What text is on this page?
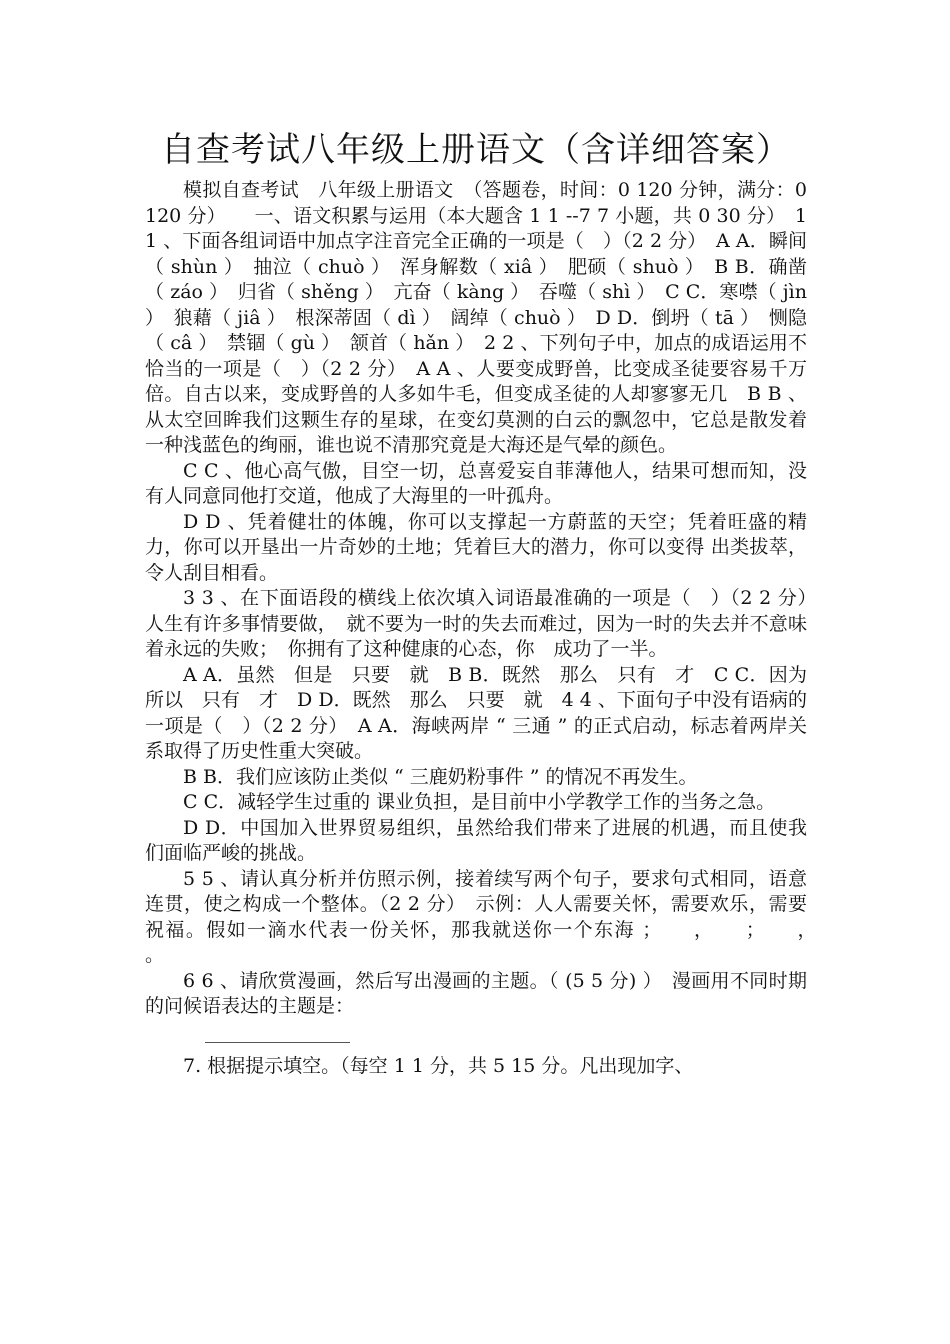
自查考试八年级上册语文（含详细答案）

模拟自查考试　八年级上册语文　（答题卷，时间：0 120 分钟，满分：0 120 分）　　一、语文积累与运用（本大题含 1 1 --7 7 小题，共 0 30 分）　1 1 、下面各组词语中加点字注音完全正确的一项是（　）（2 2 分）　A A．瞬间（ shùn ）　抽泣（ chuò ）　浑身解数（ xiâ ）　肥硕（ shuò ）　B B．确凿（ záo ）　归省（ shěng ）　亢奋（ kàng ）　吞噬（ shì ）　C C．寒噤（ jìn ）　狼藉（ jiâ ）　根深蒂固（ dì ）　阔绰（ chuò ）　D D．倒坍（ tā ）　恻隐（ câ ）　禁锢（ gù ）　颔首（ hǎn ）　2 2 、下列句子中，加点的成语运用不恰当的一项是（　）（2 2 分）　A A 、人要变成野兽，比变成圣徒要容易千万倍。自古以来，变成野兽的人多如牛毛，但变成圣徒的人却寥寥无几　B B 、从太空回眸我们这颗生存的星球，在变幻莫测的白云的飘忽中，它总是散发着一种浅蓝色的绚丽，谁也说不清那究竟是大海还是气晕的颜色。

C C 、他心高气傲，目空一切，总喜爱妄自菲薄他人，结果可想而知，没有人同意同他打交道，他成了大海里的一叶孤舟。

D D 、凭着健壮的体魄，你可以支撑起一方蔚蓝的天空；凭着旺盛的精力，你可以开垦出一片奇妙的土地；凭着巨大的潜力，你可以变得 出类拔萃，令人刮目相看。

3 3 、在下面语段的横线上依次填入词语最准确的一项是（　）（2 2 分）　人生有许多事情要做，　就不要为一时的失去而难过，因为一时的失去并不意味着永远的失败；　你拥有了这种健康的心态，你　成功了一半。

A A．虽然　但是　只要　就　B B．既然　那么　只有　才　C C．因为　所以　只有　才　D D．既然　那么　只要　就　4 4 、下面句子中没有语病的一项是（　）（2 2 分）　A A．海峡两岸 “ 三通 ” 的正式启动，标志着两岸关系取得了历史性重大突破。

B B．我们应该防止类似 “ 三鹿奶粉事件 ” 的情况不再发生。

C C．减轻学生过重的 课业负担，是目前中小学教学工作的当务之急。

D D．中国加入世界贸易组织，虽然给我们带来了进展的机遇，而且使我们面临严峻的挑战。

5 5 、请认真分析并仿照示例，接着续写两个句子，要求句式相同，语意连贯，使之构成一个整体。（2 2 分）　示例：人人需要关怀，需要欢乐，需要祝福。假如一滴水代表一份关怀，那我就送你一个东海 ；　　，　　；　　，　　。

6 6 、请欣赏漫画，然后写出漫画的主题。（ (5 5 分) ）　漫画用不同时期的问候语表达的主题是：

7. 根据提示填空。（每空 1 1 分，共 5 15 分。凡出现加字、
